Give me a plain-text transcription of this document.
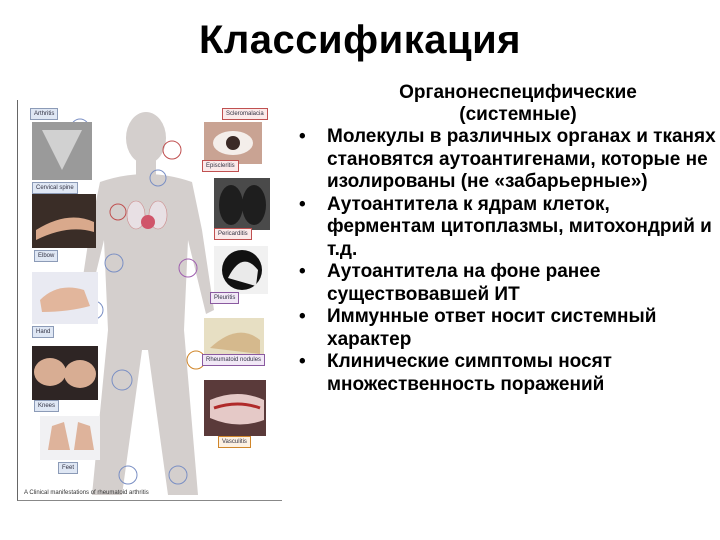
Классификация
Arthritis
Cervical spine
Elbow
Hand
Knees
Feet
Scleromalacia
Episcleritis
Pericarditis
Pleuritis
Rheumatoid nodules
Vasculitis
A Clinical manifestations of rheumatoid arthritis
Органонеспецифические
(системные)
• Молекулы в различных органах и тканях становятся аутоантигенами, которые не изолированы (не «забарьерные»)
• Аутоантитела к ядрам клеток, ферментам цитоплазмы, митохондрий и т.д.
• Аутоантитела на фоне ранее существовавшей ИТ
• Иммунные ответ носит системный характер
• Клинические симптомы носят множественность поражений
